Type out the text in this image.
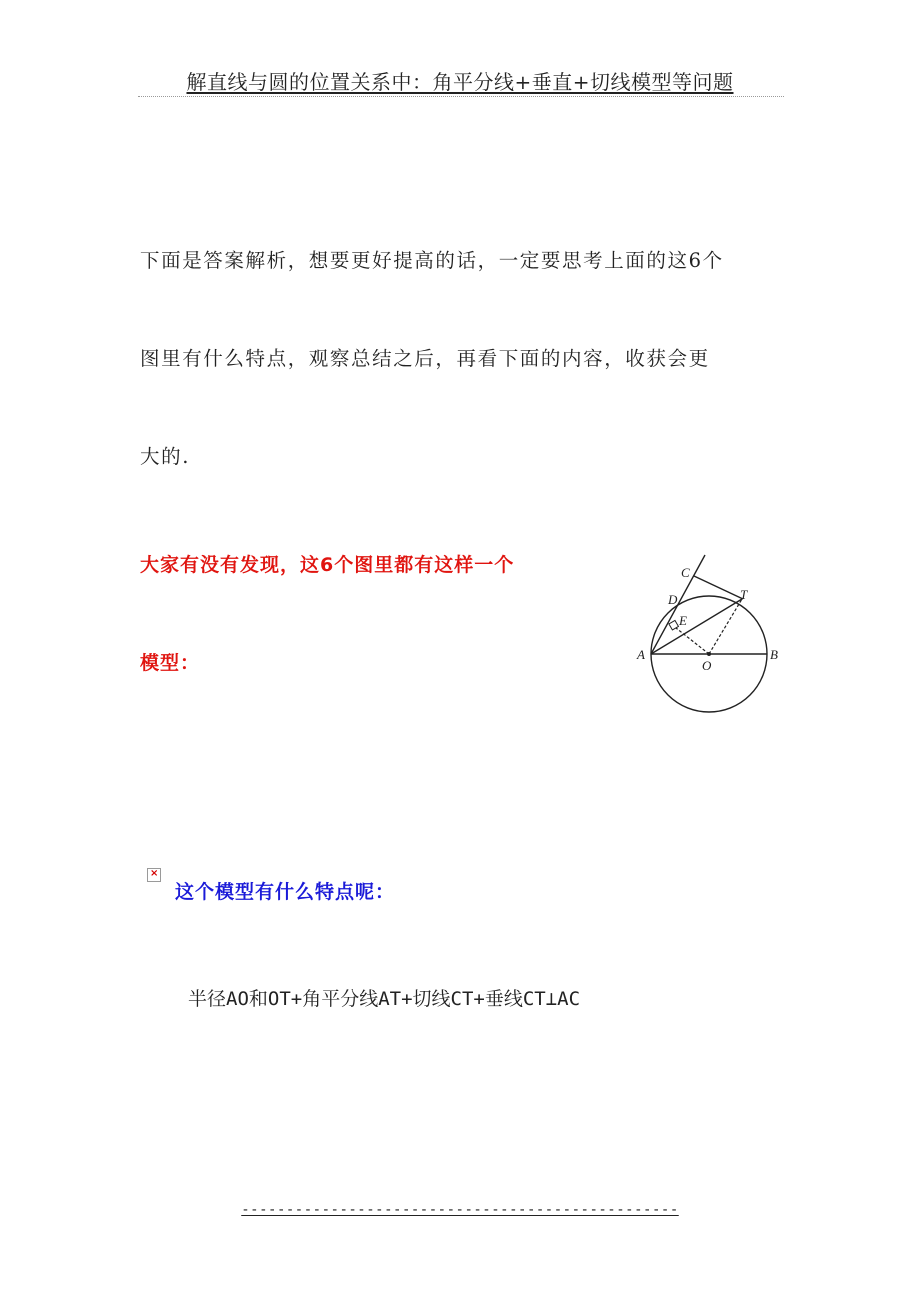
解直线与圆的位置关系中：角平分线+垂直+切线模型等问题
下面是答案解析，想要更好提高的话，一定要思考上面的这6个
图里有什么特点，观察总结之后，再看下面的内容，收获会更
大的.
大家有没有发现，这6个图里都有这样一个
模型：
C
D	T
E
A
O
B
×
这个模型有什么特点呢：
半径AO和OT+角平分线AT+切线CT+垂线CT⊥AC
-------------------------------------------------
